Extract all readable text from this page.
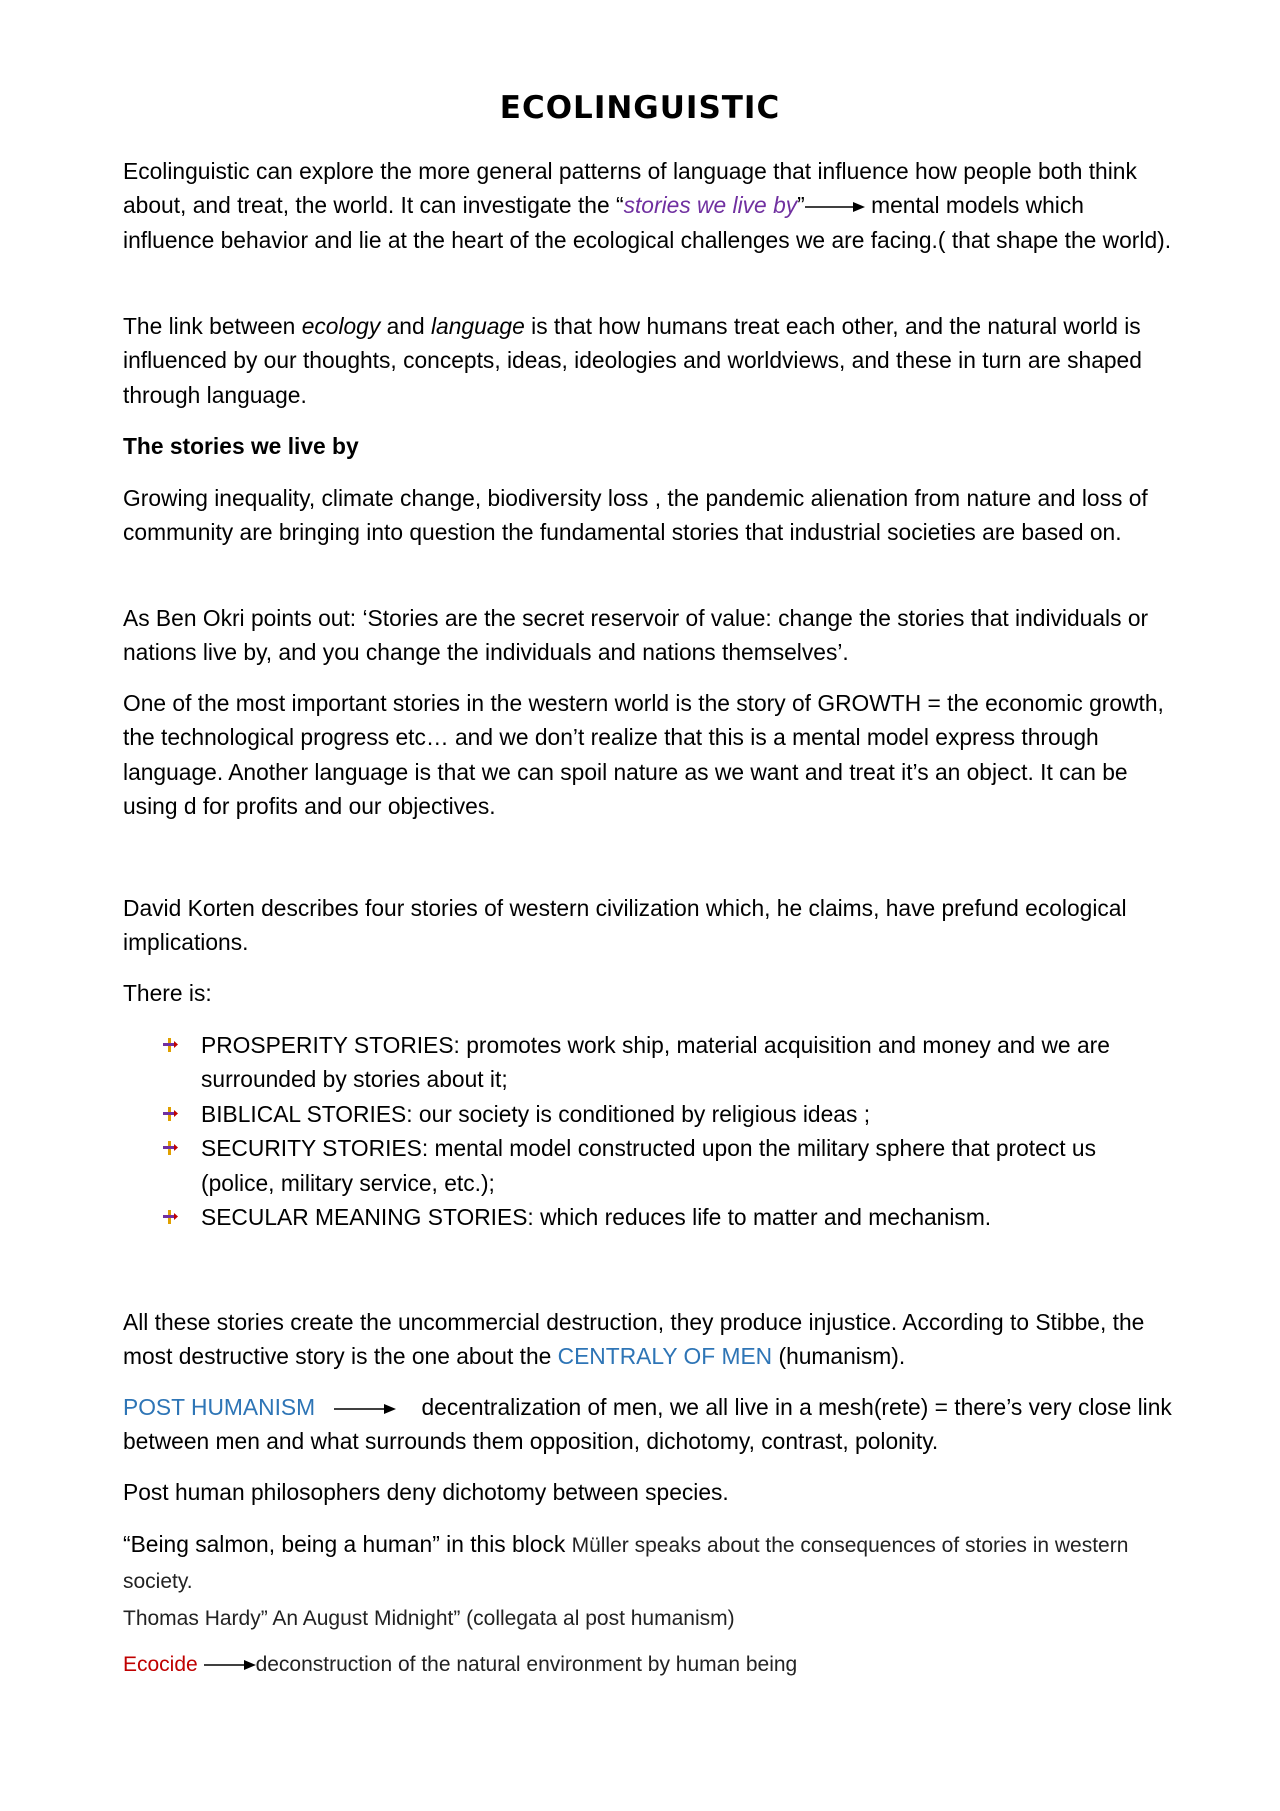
ECOLINGUISTIC

Ecolinguistic can explore the more general patterns of language that influence how people both think about, and treat, the world. It can investigate the “stories we live by”	mental models which influence behavior and lie at the heart of the ecological challenges we are facing.( that shape the world).

The link between ecology and language is that how humans treat each other, and the natural world is influenced by our thoughts, concepts, ideas, ideologies and worldviews, and these in turn are shaped through language.

The stories we live by

Growing inequality, climate change, biodiversity loss , the pandemic alienation from nature and loss of community are bringing into question the fundamental stories that industrial societies are based on.

As Ben Okri points out: ‘Stories are the secret reservoir of value: change the stories that individuals or nations live by, and you change the individuals and nations themselves’.

One of the most important stories in the western world is the story of GROWTH = the economic growth, the technological progress etc… and we don’t realize that this is a mental model express through language. Another language is that we can spoil nature as we want and treat it’s an object. It can be using d for profits and our objectives.

David Korten describes four stories of western civilization which, he claims, have prefund ecological implications.

There is:

PROSPERITY STORIES: promotes work ship, material acquisition and money and we are surrounded by stories about it;
BIBLICAL STORIES: our society is conditioned by religious ideas ;
SECURITY STORIES: mental model constructed upon the military sphere that protect us (police, military service, etc.);
SECULAR MEANING STORIES: which reduces life to matter and mechanism.

All these stories create the uncommercial destruction, they produce injustice. According to Stibbe, the most destructive story is the one about the CENTRALY OF MEN (humanism).

POST HUMANISM	decentralization of men, we all live in a mesh(rete) = there’s very close link between men and what surrounds them opposition, dichotomy, contrast, polonity.

Post human philosophers deny dichotomy between species.

“Being salmon, being a human” in this block Müller speaks about the consequences of stories in western society.

Thomas Hardy” An August Midnight” (collegata al post humanism)

Ecocide	deconstruction of the natural environment by human being
